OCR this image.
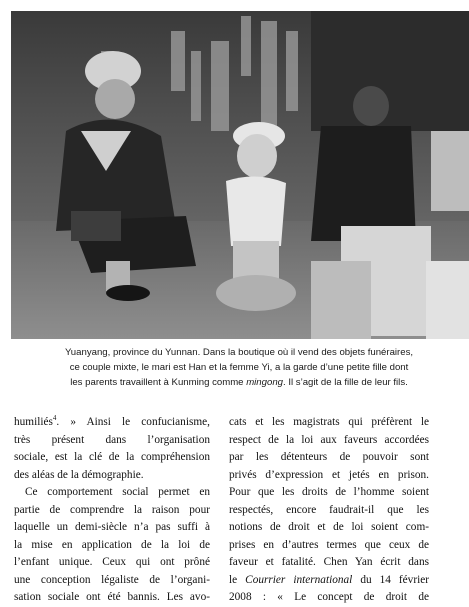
Yuanyang, province du Yunnan. Dans la boutique où il vend des objets funéraires,
ce couple mixte, le mari est Han et la femme Yi, a la garde d’une petite fille dont
les parents travaillent à Kunming comme mingong. Il s’agit de la fille de leur fils.
humiliés$^4$. » Ainsi le confucianisme,
très présent dans l’organisation
sociale, est la clé de la compréhension
des aléas de la démographie.
Ce comportement social permet en
partie de comprendre la raison pour
laquelle un demi-siècle n’a pas suffi à
la mise en application de la loi de
l’enfant unique. Ceux qui ont prôné
une conception légaliste de l’organi-
sation sociale ont été bannis. Les avo-
cats et les magistrats qui préfèrent le
respect de la loi aux faveurs accordées
par les détenteurs de pouvoir sont
privés d’expression et jetés en prison.
Pour que les droits de l’homme soient
respectés, encore faudrait-il que les
notions de droit et de loi soient com-
prises en d’autres termes que ceux de
faveur et fatalité. Chen Yan écrit dans
le Courrier international du 14 février
2008 : « Le concept de droit de
